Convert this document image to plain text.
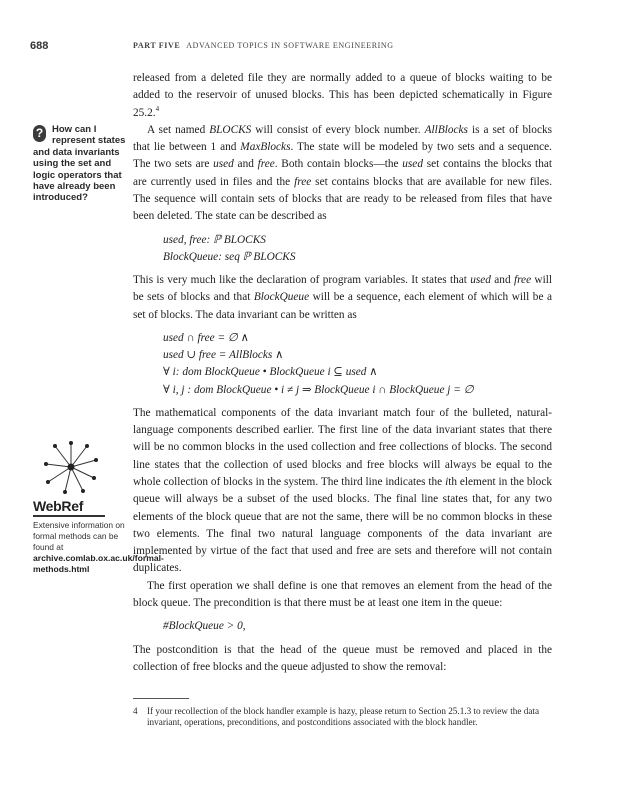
688	PART FIVE ADVANCED TOPICS IN SOFTWARE ENGINEERING
? How can I represent states and data invariants using the set and logic operators that have already been introduced?

released from a deleted file they are normally added to a queue of blocks waiting to be added to the reservoir of unused blocks. This has been depicted schematically in Figure 25.2.$^4$

A set named BLOCKS will consist of every block number. AllBlocks is a set of blocks that lie between 1 and MaxBlocks. The state will be modeled by two sets and a sequence. The two sets are used and free. Both contain blocks—the used set contains the blocks that are currently used in files and the free set contains blocks that are available for new files. The sequence will contain sets of blocks that are ready to be released from files that have been deleted. The state can be described as

used, free: ℙ BLOCKS
BlockQueue: seq ℙ BLOCKS

This is very much like the declaration of program variables. It states that used and free will be sets of blocks and that BlockQueue will be a sequence, each element of which will be a set of blocks. The data invariant can be written as

used ∩ free = ∅ ∧
used ∪ free = AllBlocks ∧
∀ i: dom BlockQueue • BlockQueue i ⊆ used ∧
∀ i, j : dom BlockQueue • i ≠ j ⇒ BlockQueue i ∩ BlockQueue j = ∅

The mathematical components of the data invariant match four of the bulleted, natural-language components described earlier. The first line of the data invariant states that there will be no common blocks in the used collection and free collections of blocks. The second line states that the collection of used blocks and free blocks will always be equal to the whole collection of blocks in the system. The third line indicates the ith element in the block queue will always be a subset of the used blocks. The final line states that, for any two elements of the block queue that are not the same, there will be no common blocks in these two elements. The final two natural language components of the data invariant are implemented by virtue of the fact that used and free are sets and therefore will not contain duplicates.

The first operation we shall define is one that removes an element from the head of the block queue. The precondition is that there must be at least one item in the queue:

#BlockQueue > 0,

The postcondition is that the head of the queue must be removed and placed in the collection of free blocks and the queue adjusted to show the removal:

WebRef
Extensive information on formal methods can be found at
archive.comlab.ox.ac.uk/formal-methods.html
4 If your recollection of the block handler example is hazy, please return to Section 25.1.3 to review the data invariant, operations, preconditions, and postconditions associated with the block handler.
